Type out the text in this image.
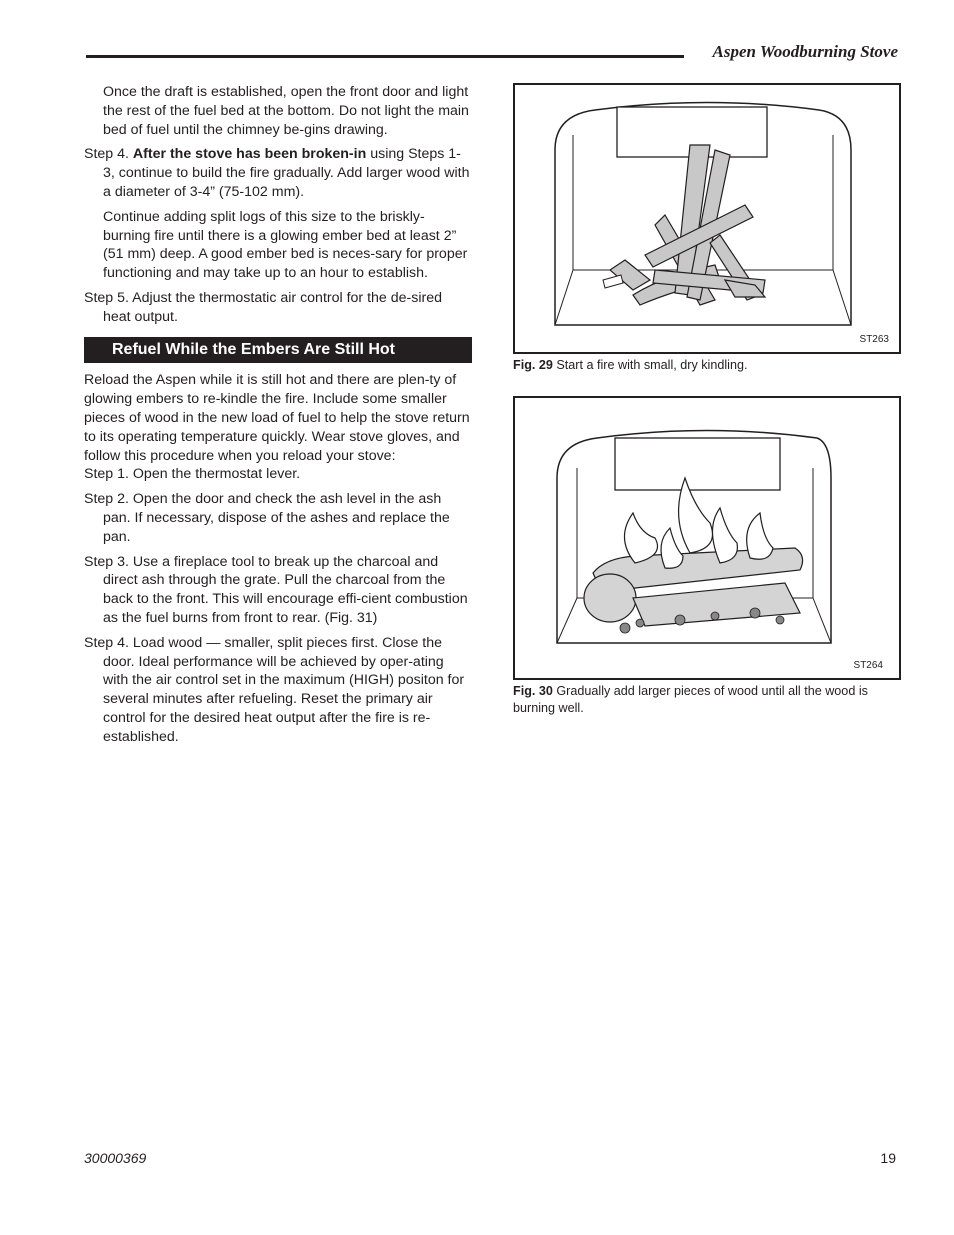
Aspen Woodburning Stove

Once the draft is established, open the front door and light the rest of the fuel bed at the bottom. Do not light the main bed of fuel until the chimney be-gins drawing.

Step 4. After the stove has been broken-in using Steps 1-3, continue to build the fire gradually. Add larger wood with a diameter of 3-4” (75-102 mm).

Continue adding split logs of this size to the briskly-burning fire until there is a glowing ember bed at least 2” (51 mm) deep. A good ember bed is neces-sary for proper functioning and may take up to an hour to establish.

Step 5. Adjust the thermostatic air control for the de-sired heat output.

Refuel While the Embers Are Still Hot

Reload the Aspen while it is still hot and there are plen-ty of glowing embers to re-kindle the fire. Include some smaller pieces of wood in the new load of fuel to help the stove return to its operating temperature quickly. Wear stove gloves, and follow this procedure when you reload your stove:

Step 1. Open the thermostat lever.

Step 2. Open the door and check the ash level in the ash pan. If necessary, dispose of the ashes and replace the pan.

Step 3. Use a fireplace tool to break up the charcoal and direct ash through the grate. Pull the charcoal from the back to the front. This will encourage effi-cient combustion as the fuel burns from front to rear. (Fig. 31)

Step 4. Load wood — smaller, split pieces first. Close the door. Ideal performance will be achieved by oper-ating with the air control set in the maximum (HIGH) positon for several minutes after refueling. Reset the primary air control for the desired heat output after the fire is re-established.

ST263
Fig. 29 Start a fire with small, dry kindling.
ST264
Fig. 30 Gradually add larger pieces of wood until all the wood is burning well.
30000369	19
